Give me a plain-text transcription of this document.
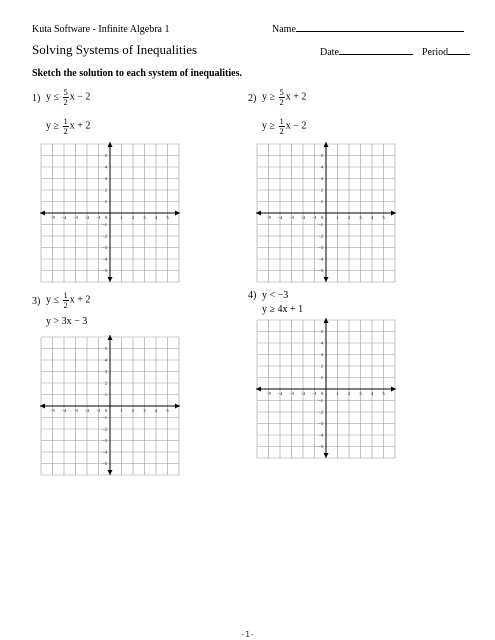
Kuta Software - Infinite Algebra 1	Name
Solving Systems of Inequalities	Date	Period
Sketch the solution to each system of inequalities.
1) $y \le \frac{5}{2}$ x − 2
$y \ge \frac{1}{2}$ x + 2
2) $y \ge \frac{5}{2}$ x + 2
$y \ge \frac{1}{2}$ x − 2
3) $y \le \frac{1}{2}$ x + 2
y > 3x − 3
4) y < −3
y ≥ 4x + 1
−5 −4 −3 −2 −1 0	1 2 3 4 5
5
4
3
2
1
−1
−2
−3
−4
−5
−5 −4 −3 −2 −1 0	1 2 3 4 5
5
4
3
2
1
−1
−2
−3
−4
−5
−5 −4 −3 −2 −1 0	1 2 3 4 5
5
4
3
2
1
−1
−2
−3
−4
−5
−5 −4 −3 −2 −1 0	1 2 3 4 5
5
4
3
2
1
−1
−2
−3
−4
−5
-1-
